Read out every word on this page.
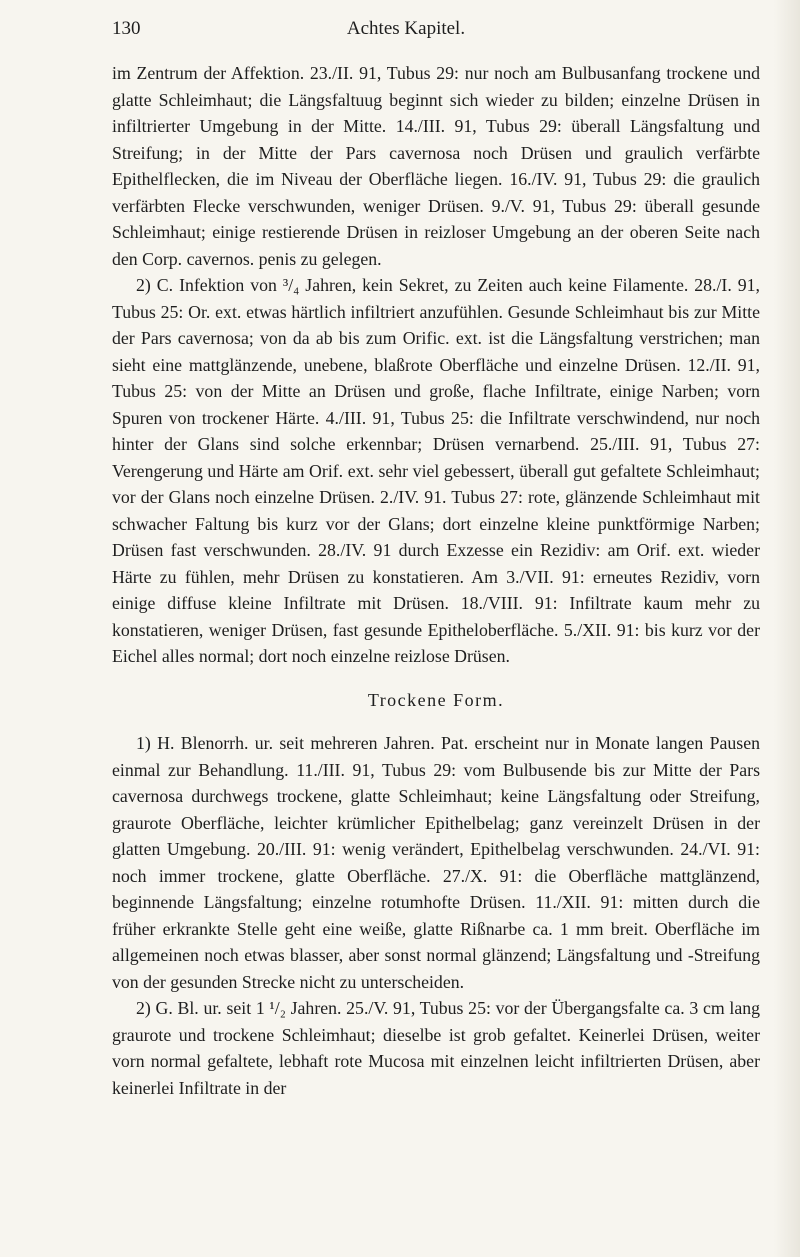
130	Achtes Kapitel.

im Zentrum der Affektion. 23./II. 91, Tubus 29: nur noch am Bulbusanfang trockene und glatte Schleimhaut; die Längsfaltuug beginnt sich wieder zu bilden; einzelne Drüsen in infiltrierter Umgebung in der Mitte. 14./III. 91, Tubus 29: überall Längsfaltung und Streifung; in der Mitte der Pars cavernosa noch Drüsen und graulich verfärbte Epithelflecken, die im Niveau der Oberfläche liegen. 16./IV. 91, Tubus 29: die graulich verfärbten Flecke verschwunden, weniger Drüsen. 9./V. 91, Tubus 29: überall gesunde Schleimhaut; einige restierende Drüsen in reizloser Umgebung an der oberen Seite nach den Corp. cavernos. penis zu gelegen.

2) C. Infektion von ³/₄ Jahren, kein Sekret, zu Zeiten auch keine Filamente. 28./I. 91, Tubus 25: Or. ext. etwas härtlich infiltriert anzufühlen. Gesunde Schleimhaut bis zur Mitte der Pars cavernosa; von da ab bis zum Orific. ext. ist die Längsfaltung verstrichen; man sieht eine mattglänzende, unebene, blaßrote Oberfläche und einzelne Drüsen. 12./II. 91, Tubus 25: von der Mitte an Drüsen und große, flache Infiltrate, einige Narben; vorn Spuren von trockener Härte. 4./III. 91, Tubus 25: die Infiltrate verschwindend, nur noch hinter der Glans sind solche erkennbar; Drüsen vernarbend. 25./III. 91, Tubus 27: Verengerung und Härte am Orif. ext. sehr viel gebessert, überall gut gefaltete Schleimhaut; vor der Glans noch einzelne Drüsen. 2./IV. 91. Tubus 27: rote, glänzende Schleimhaut mit schwacher Faltung bis kurz vor der Glans; dort einzelne kleine punktförmige Narben; Drüsen fast verschwunden. 28./IV. 91 durch Exzesse ein Rezidiv: am Orif. ext. wieder Härte zu fühlen, mehr Drüsen zu konstatieren. Am 3./VII. 91: erneutes Rezidiv, vorn einige diffuse kleine Infiltrate mit Drüsen. 18./VIII. 91: Infiltrate kaum mehr zu konstatieren, weniger Drüsen, fast gesunde Epitheloberfläche. 5./XII. 91: bis kurz vor der Eichel alles normal; dort noch einzelne reizlose Drüsen.

Trockene Form.

1) H. Blenorrh. ur. seit mehreren Jahren. Pat. erscheint nur in Monate langen Pausen einmal zur Behandlung. 11./III. 91, Tubus 29: vom Bulbusende bis zur Mitte der Pars cavernosa durchwegs trockene, glatte Schleimhaut; keine Längsfaltung oder Streifung, graurote Oberfläche, leichter krümlicher Epithelbelag; ganz vereinzelt Drüsen in der glatten Umgebung. 20./III. 91: wenig verändert, Epithelbelag verschwunden. 24./VI. 91: noch immer trockene, glatte Oberfläche. 27./X. 91: die Oberfläche mattglänzend, beginnende Längsfaltung; einzelne rotumhofte Drüsen. 11./XII. 91: mitten durch die früher erkrankte Stelle geht eine weiße, glatte Rißnarbe ca. 1 mm breit. Oberfläche im allgemeinen noch etwas blasser, aber sonst normal glänzend; Längsfaltung und -Streifung von der gesunden Strecke nicht zu unterscheiden.

2) G. Bl. ur. seit 1 ¹/₂ Jahren. 25./V. 91, Tubus 25: vor der Übergangsfalte ca. 3 cm lang graurote und trockene Schleimhaut; dieselbe ist grob gefaltet. Keinerlei Drüsen, weiter vorn normal gefaltete, lebhaft rote Mucosa mit einzelnen leicht infiltrierten Drüsen, aber keinerlei Infiltrate in der
